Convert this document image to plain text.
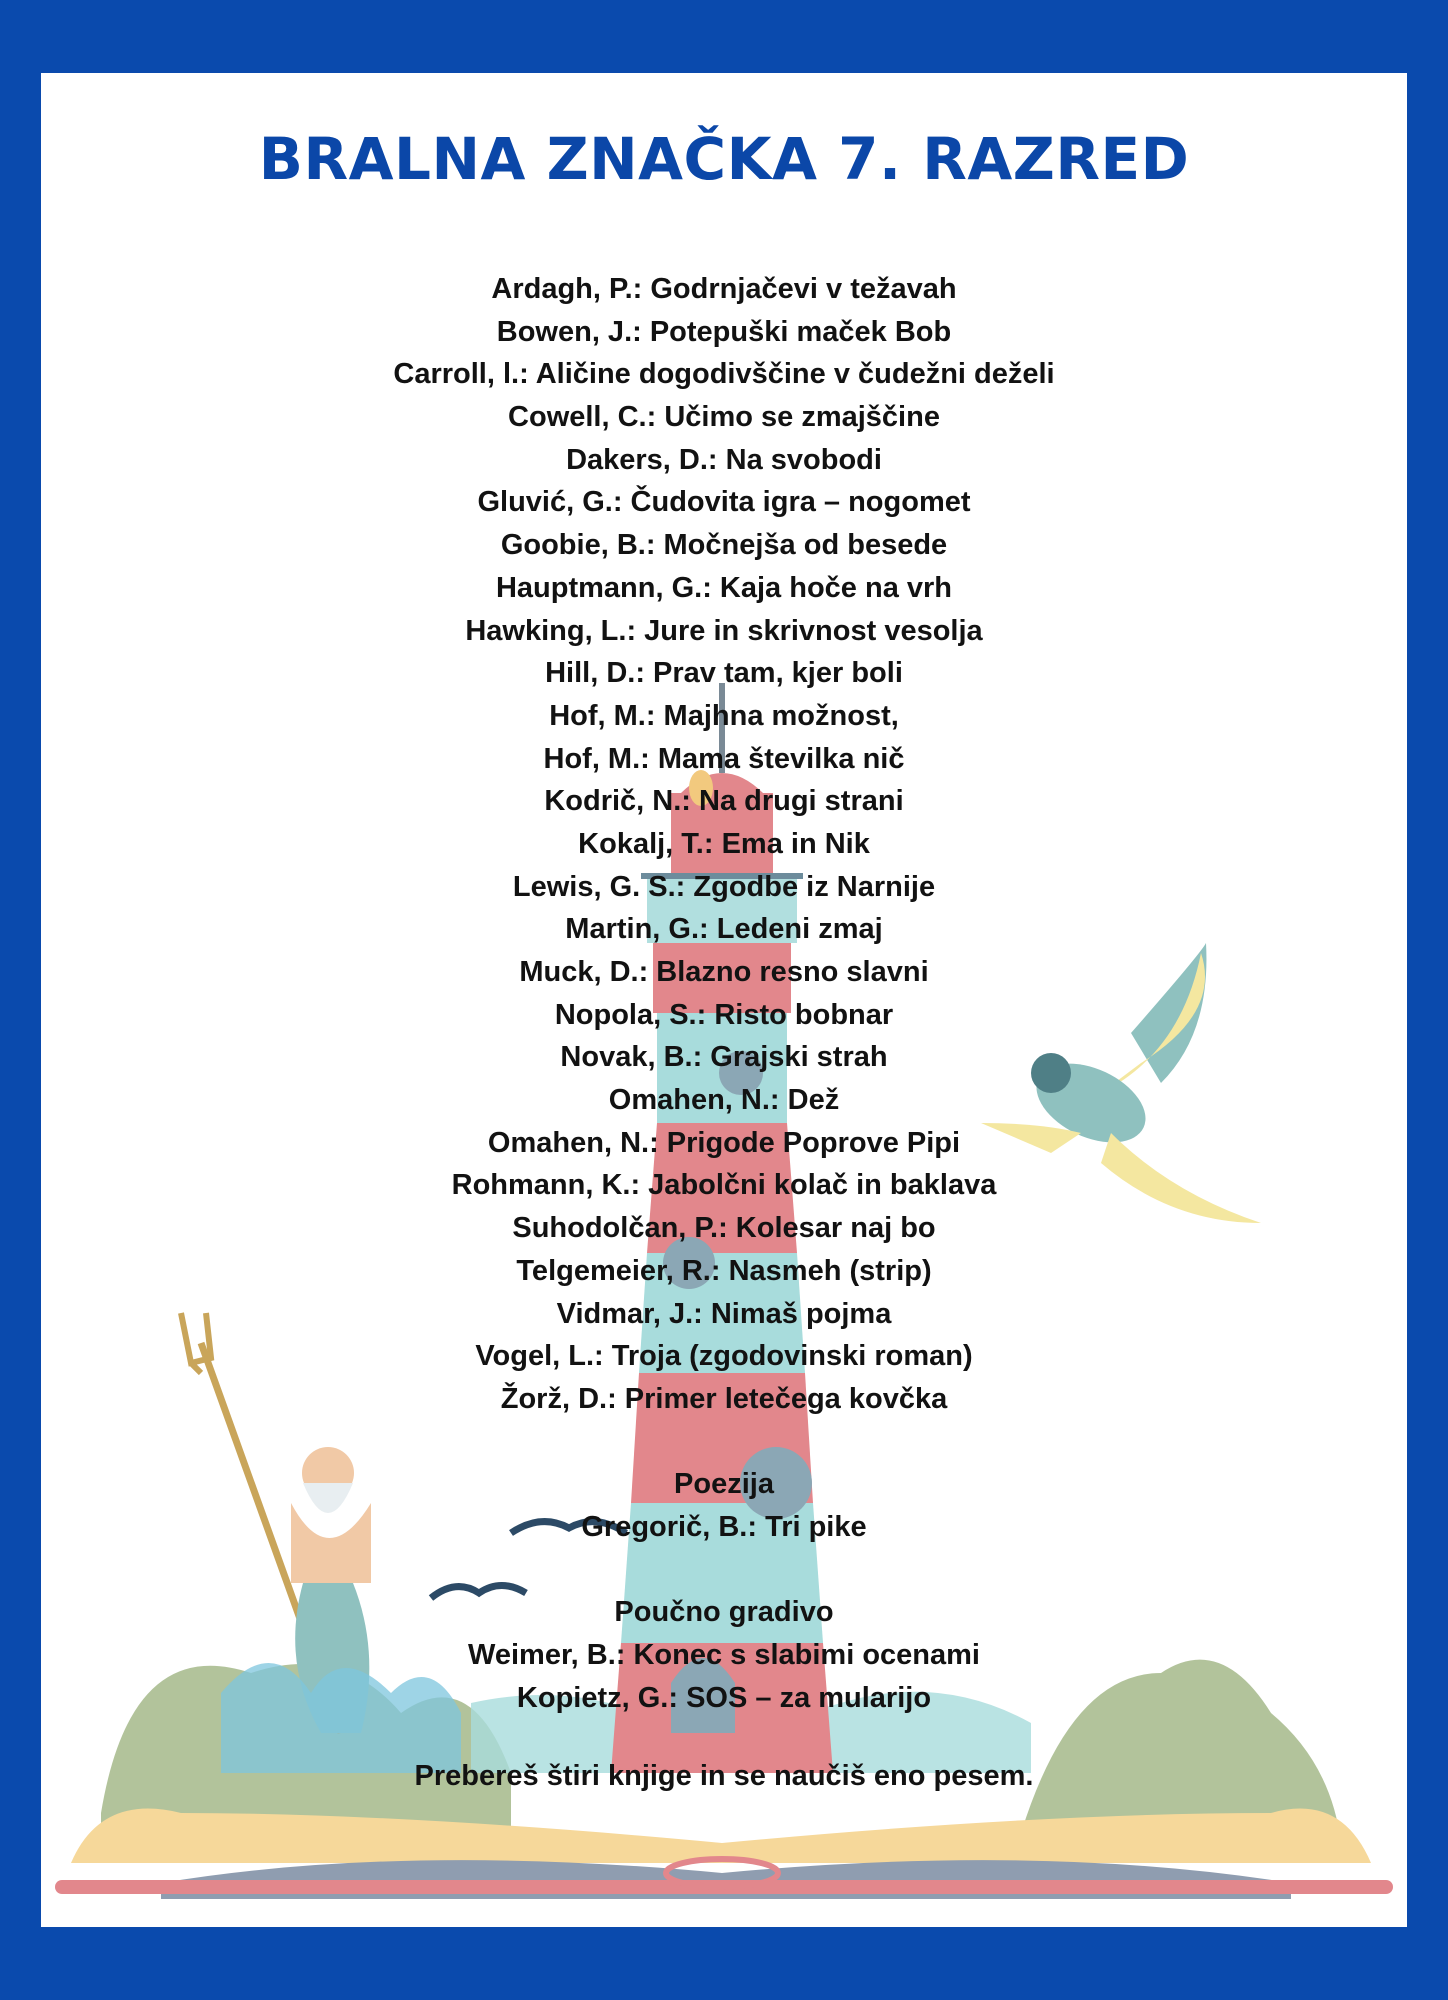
BRALNA ZNAČKA 7. RAZRED
Ardagh, P.: Godrnjačevi v težavah
Bowen, J.: Potepuški maček Bob
Carroll, l.: Aličine dogodivščine v čudežni deželi
Cowell, C.: Učimo se zmajščine
Dakers, D.: Na svobodi
Gluvić, G.: Čudovita igra – nogomet
Goobie, B.: Močnejša od besede
Hauptmann, G.: Kaja hoče na vrh
Hawking, L.: Jure in skrivnost vesolja
Hill, D.: Prav tam, kjer boli
Hof, M.: Majhna možnost,
Hof, M.: Mama številka nič
Kodrič, N.: Na drugi strani
Kokalj, T.: Ema in Nik
Lewis, G. S.: Zgodbe iz Narnije
Martin, G.: Ledeni zmaj
Muck, D.: Blazno resno slavni
Nopola, S.: Risto bobnar
Novak, B.: Grajski strah
Omahen, N.: Dež
Omahen, N.: Prigode Poprove Pipi
Rohmann, K.: Jabolčni kolač in baklava
Suhodolčan, P.: Kolesar naj bo
Telgemeier, R.: Nasmeh (strip)
Vidmar, J.: Nimaš pojma
Vogel, L.: Troja (zgodovinski roman)
Žorž, D.: Primer letečega kovčka
Poezija
Gregorič, B.: Tri pike
Poučno gradivo
Weimer, B.: Konec s slabimi ocenami
Kopietz, G.: SOS – za mularijo
Prebereš štiri knjige in se naučiš eno pesem.
